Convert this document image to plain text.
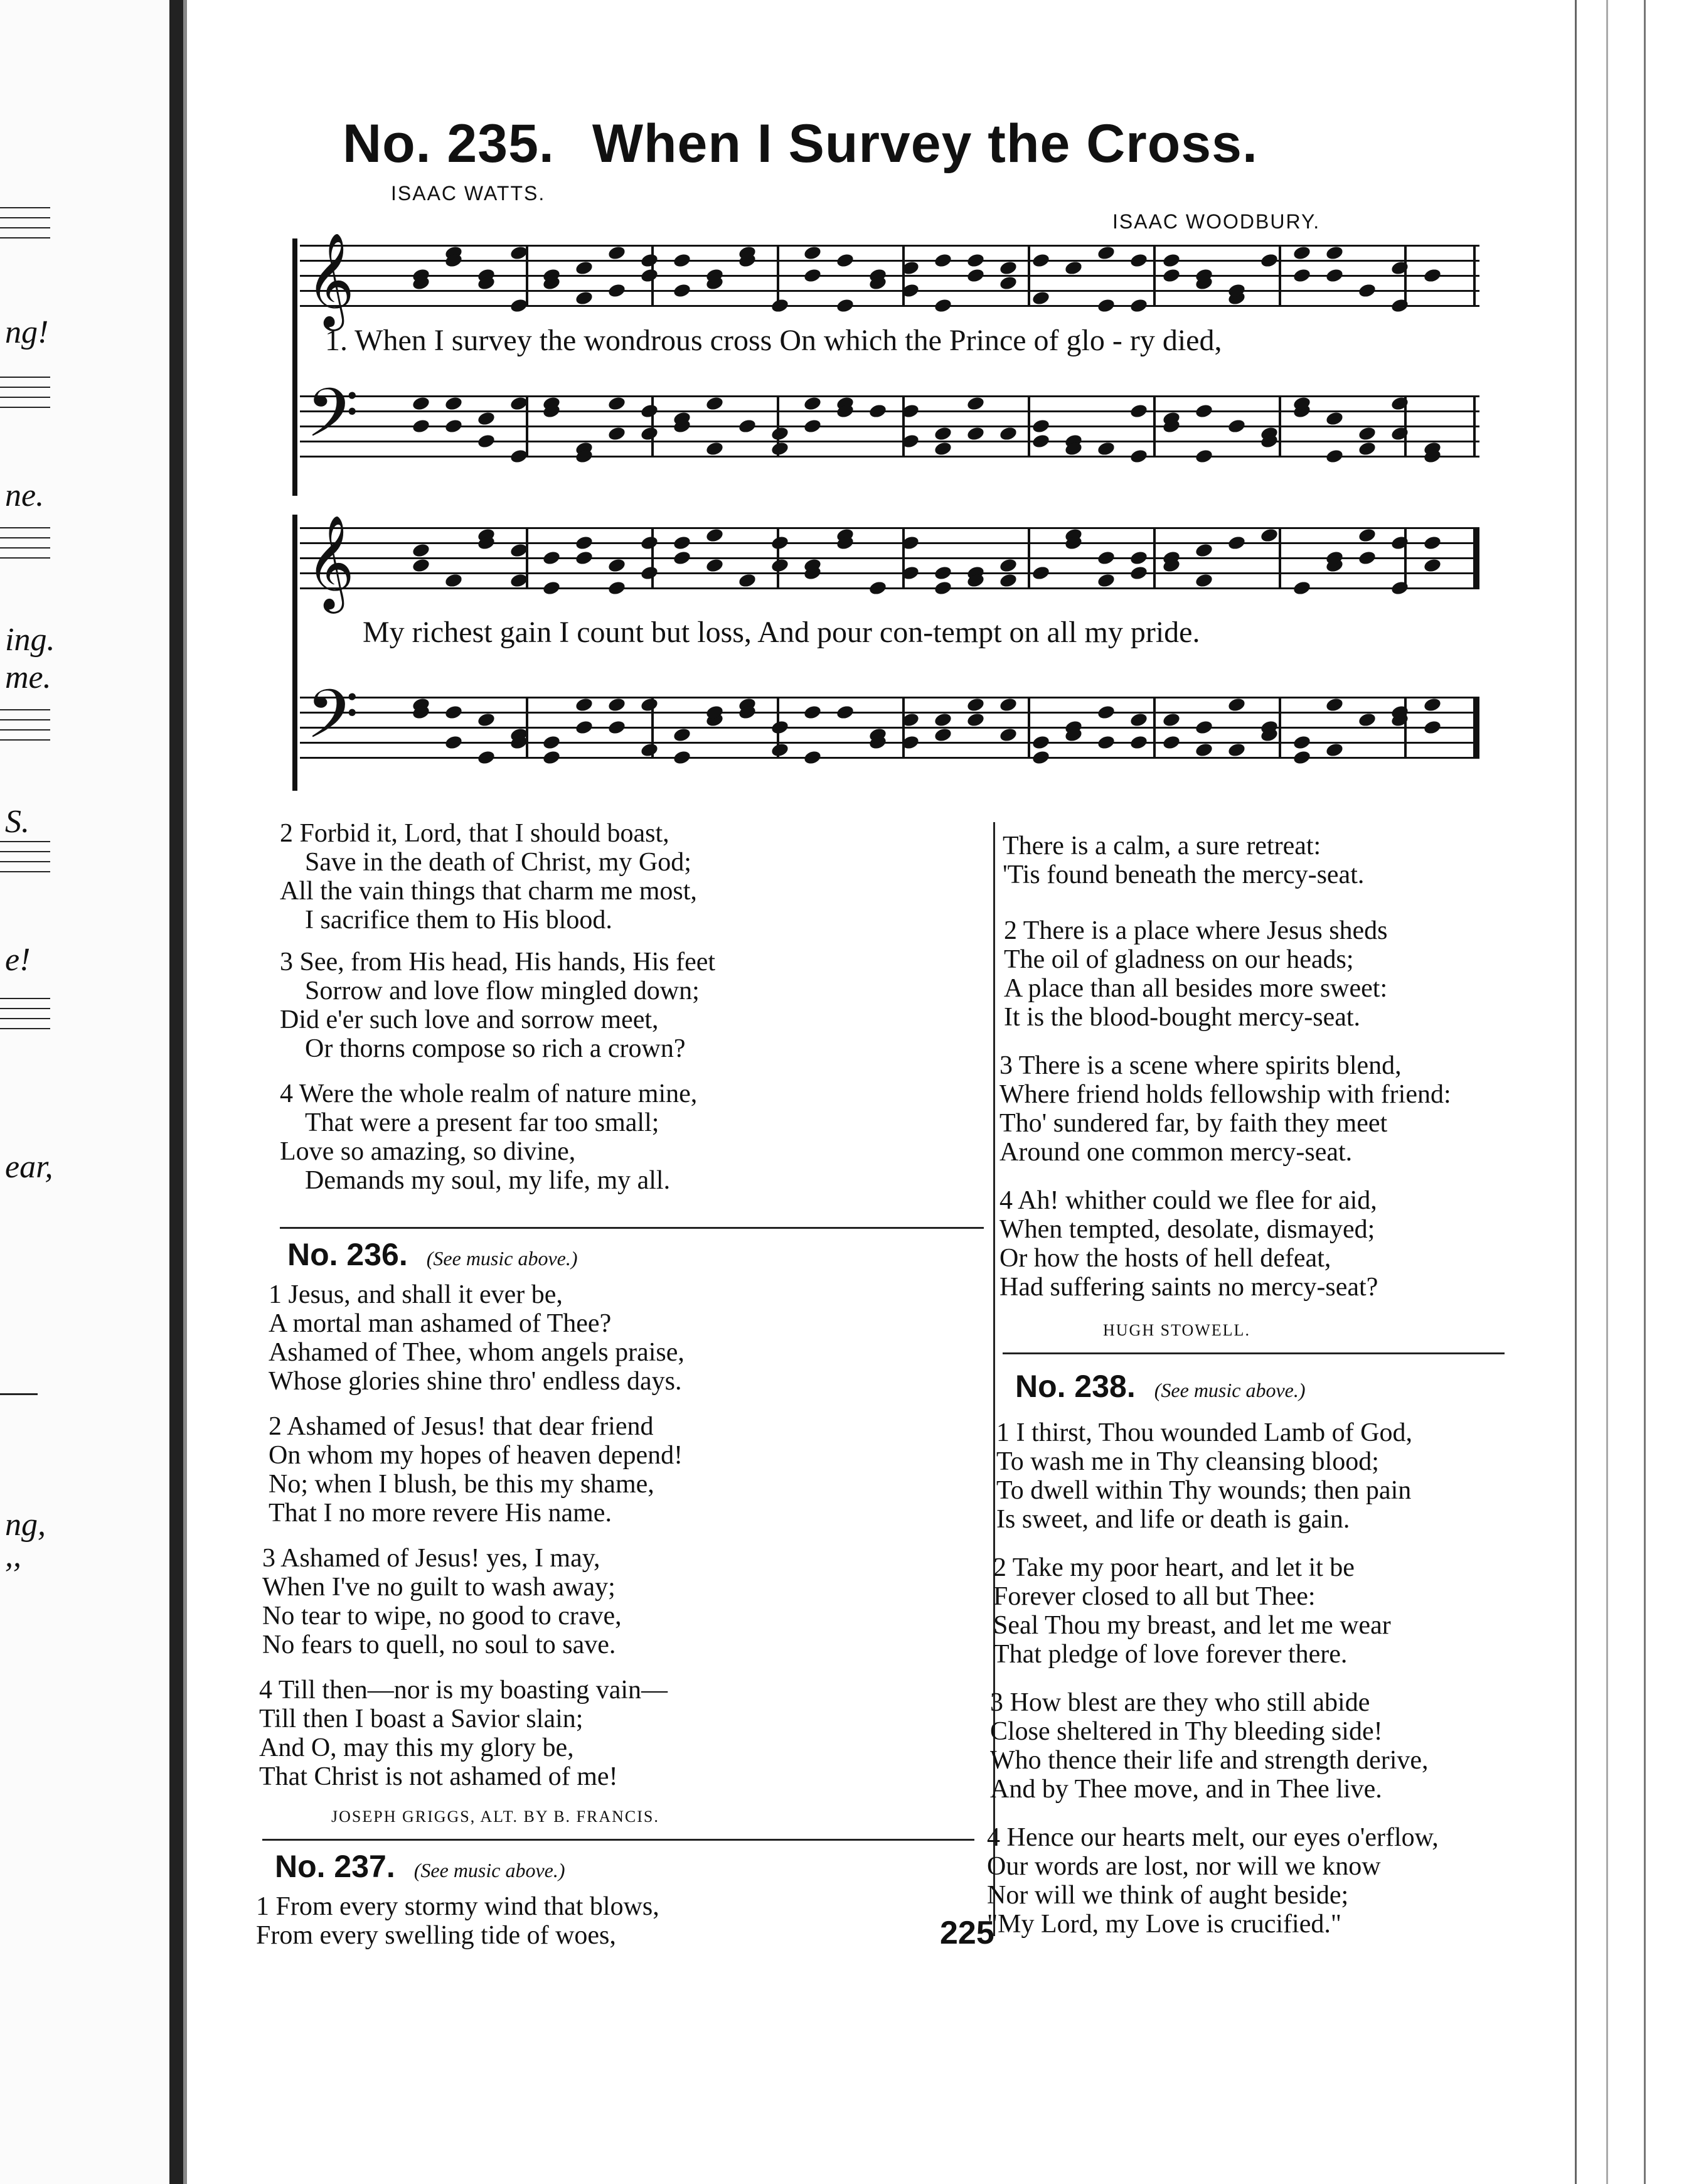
ng!
ne.
ing.
me.
S.
e!
ear,
ng,
,,
No. 235. When I Survey the Cross.
ISAAC WATTS.
ISAAC WOODBURY.
𝄞
1. When I survey the wondrous cross On which the Prince of glo - ry died,
𝄢
𝄞
My richest gain I count but loss, And pour con-tempt on all my pride.
𝄢
2 Forbid it, Lord, that I should boast,
Save in the death of Christ, my God;
All the vain things that charm me most,
I sacrifice them to His blood.
3 See, from His head, His hands, His feet
Sorrow and love flow mingled down;
Did e'er such love and sorrow meet,
Or thorns compose so rich a crown?
4 Were the whole realm of nature mine,
That were a present far too small;
Love so amazing, so divine,
Demands my soul, my life, my all.
No. 236. (See music above.)
1 Jesus, and shall it ever be,
A mortal man ashamed of Thee?
Ashamed of Thee, whom angels praise,
Whose glories shine thro' endless days.
2 Ashamed of Jesus! that dear friend
On whom my hopes of heaven depend!
No; when I blush, be this my shame,
That I no more revere His name.
3 Ashamed of Jesus! yes, I may,
When I've no guilt to wash away;
No tear to wipe, no good to crave,
No fears to quell, no soul to save.
4 Till then—nor is my boasting vain—
Till then I boast a Savior slain;
And O, may this my glory be,
That Christ is not ashamed of me!
JOSEPH GRIGGS, ALT. BY B. FRANCIS.
No. 237. (See music above.)
1 From every stormy wind that blows,
From every swelling tide of woes,
There is a calm, a sure retreat:
'Tis found beneath the mercy-seat.
2 There is a place where Jesus sheds
The oil of gladness on our heads;
A place than all besides more sweet:
It is the blood-bought mercy-seat.
3 There is a scene where spirits blend,
Where friend holds fellowship with friend:
Tho' sundered far, by faith they meet
Around one common mercy-seat.
4 Ah! whither could we flee for aid,
When tempted, desolate, dismayed;
Or how the hosts of hell defeat,
Had suffering saints no mercy-seat?
HUGH STOWELL.
No. 238. (See music above.)
1 I thirst, Thou wounded Lamb of God,
To wash me in Thy cleansing blood;
To dwell within Thy wounds; then pain
Is sweet, and life or death is gain.
2 Take my poor heart, and let it be
Forever closed to all but Thee:
Seal Thou my breast, and let me wear
That pledge of love forever there.
3 How blest are they who still abide
Close sheltered in Thy bleeding side!
Who thence their life and strength derive,
And by Thee move, and in Thee live.
4 Hence our hearts melt, our eyes o'erflow,
Our words are lost, nor will we know
Nor will we think of aught beside;
"My Lord, my Love is crucified."
225
